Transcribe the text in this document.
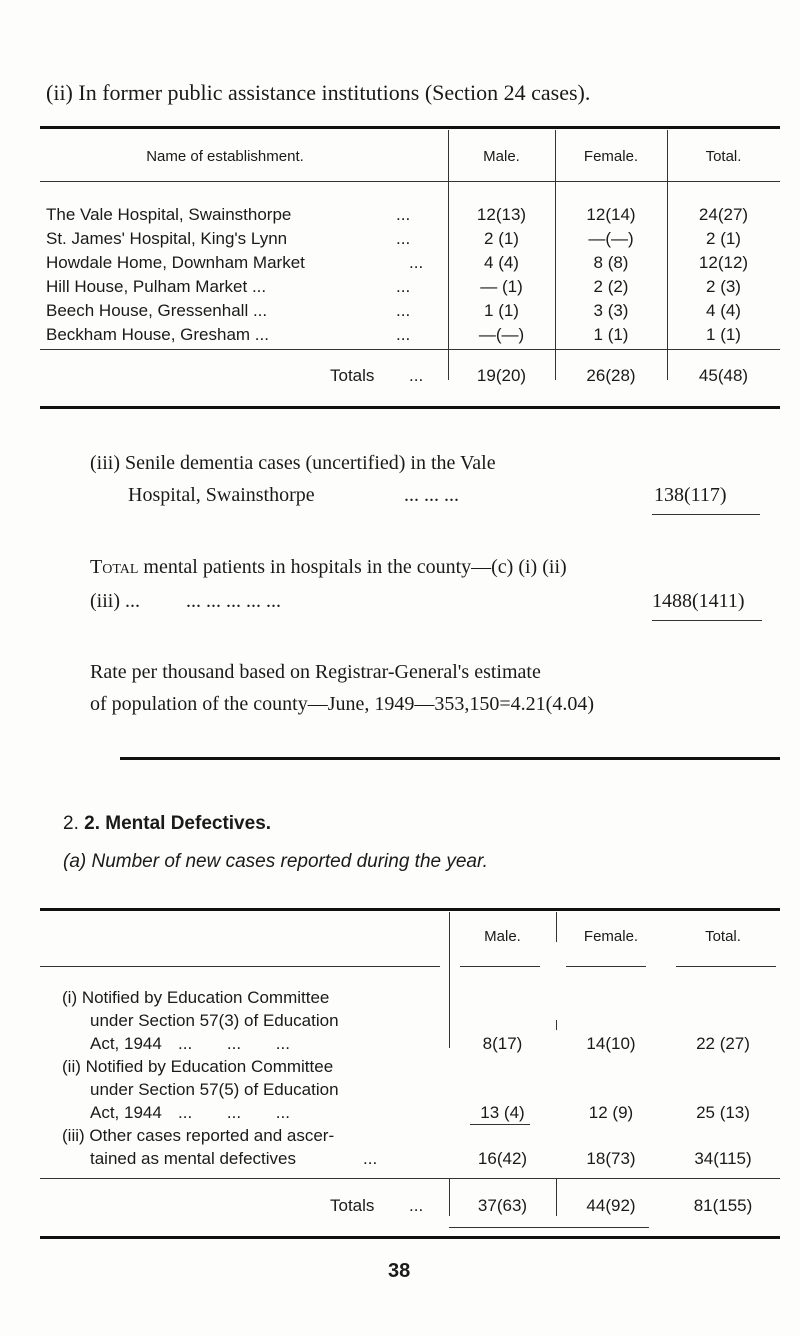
(ii) In former public assistance institutions (Section 24 cases).
Name of establishment.	Male.	Female.	Total.
The Vale Hospital, Swainsthorpe	...	12(13)	12(14)	24(27)
St. James' Hospital, King's Lynn	...	2 (1)	—(—)	2 (1)
Howdale Home, Downham Market	...	4 (4)	8 (8)	12(12)
Hill House, Pulham Market ...	...	— (1)	2 (2)	2 (3)
Beech House, Gressenhall ...	...	1 (1)	3 (3)	4 (4)
Beckham House, Gresham ...	...	—(—)	1 (1)	1 (1)
Totals ...	19(20)	26(28)	45(48)
(iii) Senile dementia cases (uncertified) in the Vale
Hospital, Swainsthorpe	... ... ...	138(117)
Total mental patients in hospitals in the county—(c) (i) (ii)
(iii) ... ... ... ... ... ...	1488(1411)
Rate per thousand based on Registrar-General's estimate
of population of the county—June, 1949—353,150=4.21(4.04)
2. 2. Mental Defectives.
(a) Number of new cases reported during the year.
Male.	Female.	Total.
(i) Notified by Education Committee
under Section 57(3) of Education
Act, 1944 ... ... ...	8(17)	14(10)	22 (27)
(ii) Notified by Education Committee
under Section 57(5) of Education
Act, 1944 ... ... ...	13 (4)	12 (9)	25 (13)
(iii) Other cases reported and ascer-
tained as mental defectives	...	16(42)	18(73)	34(115)
Totals ...	37(63)	44(92)	81(155)
38
